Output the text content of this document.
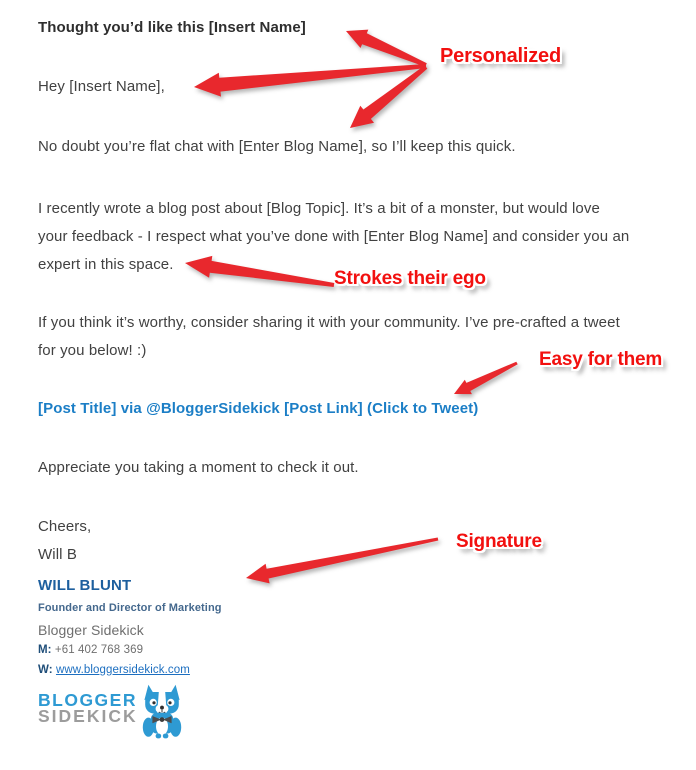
Thought you’d like this [Insert Name]
Hey [Insert Name],
No doubt you’re flat chat with [Enter Blog Name], so I’ll keep this quick.
I recently wrote a blog post about [Blog Topic]. It’s a bit of a monster, but would love
your feedback - I respect what you’ve done with [Enter Blog Name] and consider you an
expert in this space.
If you think it’s worthy, consider sharing it with your community. I’ve pre-crafted a tweet
for you below! :)
[Post Title] via @BloggerSidekick [Post Link] (Click to Tweet)
Appreciate you taking a moment to check it out.
Cheers,
Will B
WILL BLUNT
Founder and Director of Marketing
Blogger Sidekick
M: +61 402 768 369
W: www.bloggersidekick.com
BLOGGER
SIDEKICK
Personalized
Strokes their ego
Easy for them
Signature
